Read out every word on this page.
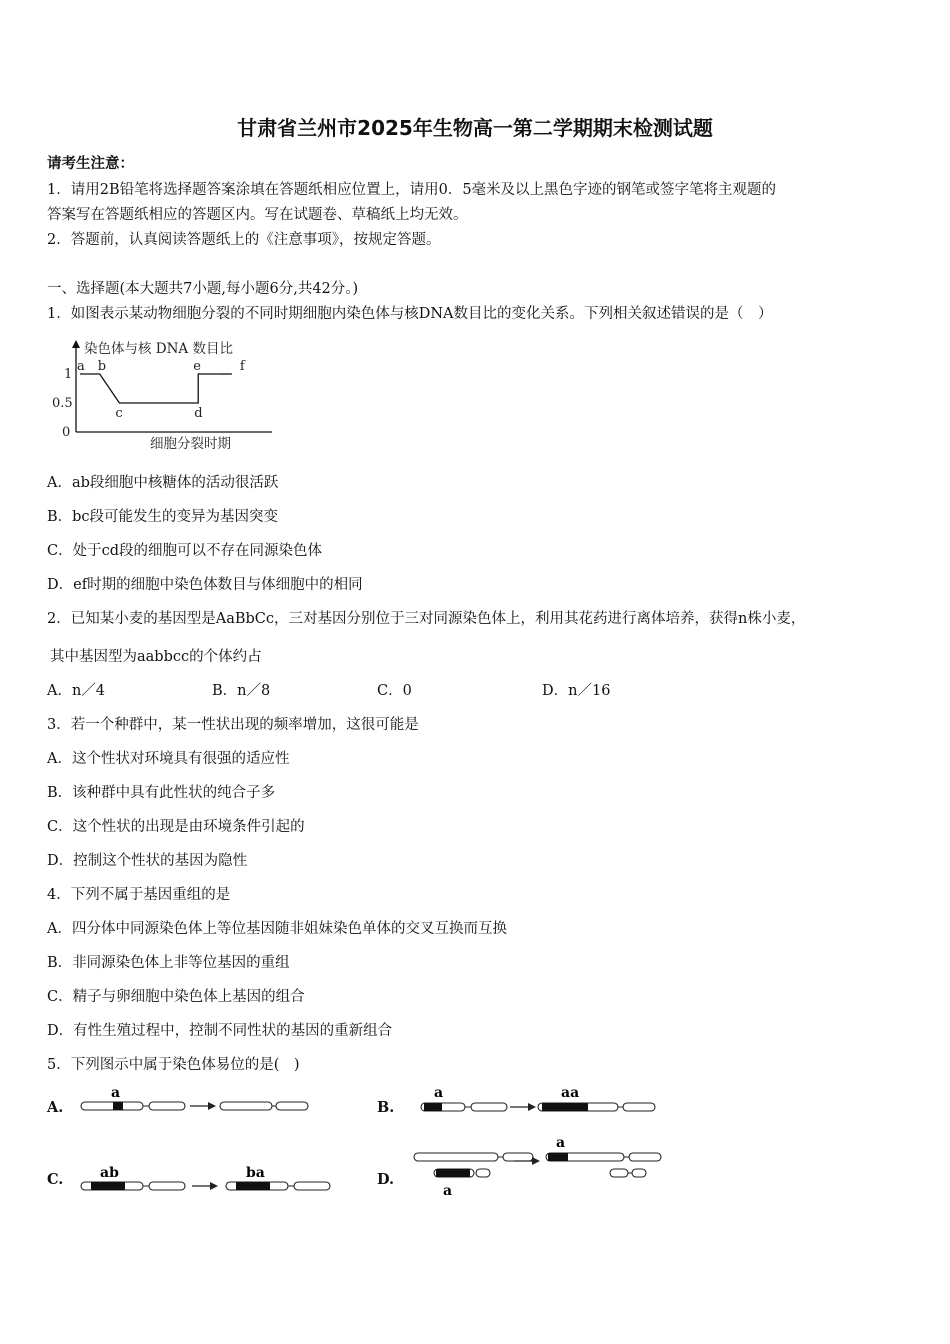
甘肃省兰州市2025年生物高一第二学期期末检测试题
请考生注意：
1．请用2B铅笔将选择题答案涂填在答题纸相应位置上，请用0．5毫米及以上黑色字迹的钢笔或签字笔将主观题的
答案写在答题纸相应的答题区内。写在试题卷、草稿纸上均无效。
2．答题前，认真阅读答题纸上的《注意事项》，按规定答题。
一、选择题(本大题共7小题,每小题6分,共42分。)
1．如图表示某动物细胞分裂的不同时期细胞内染色体与核DNA数目比的变化关系。下列相关叙述错误的是（　）
染色体与核 DNA 数目比
细胞分裂时期
0
0.5
1
a b
c	d
e	f
A．ab段细胞中核糖体的活动很活跃
B．bc段可能发生的变异为基因突变
C．处于cd段的细胞可以不存在同源染色体
D．ef时期的细胞中染色体数目与体细胞中的相同
2．已知某小麦的基因型是AaBbCc，三对基因分别位于三对同源染色体上，利用其花药进行离体培养，获得n株小麦，
其中基因型为aabbcc的个体约占
A．n／4	B．n／8	C．0	D．n／16
3．若一个种群中，某一性状出现的频率增加，这很可能是
A．这个性状对环境具有很强的适应性
B．该种群中具有此性状的纯合子多
C．这个性状的出现是由环境条件引起的
D．控制这个性状的基因为隐性
4．下列不属于基因重组的是
A．四分体中同源染色体上等位基因随非姐妹染色单体的交叉互换而互换
B．非同源染色体上非等位基因的重组
C．精子与卵细胞中染色体上基因的组合
D．有性生殖过程中，控制不同性状的基因的重新组合
5．下列图示中属于染色体易位的是(　)
A.
a
B.
a	aa
C.	ab	ba	D.
a
a
